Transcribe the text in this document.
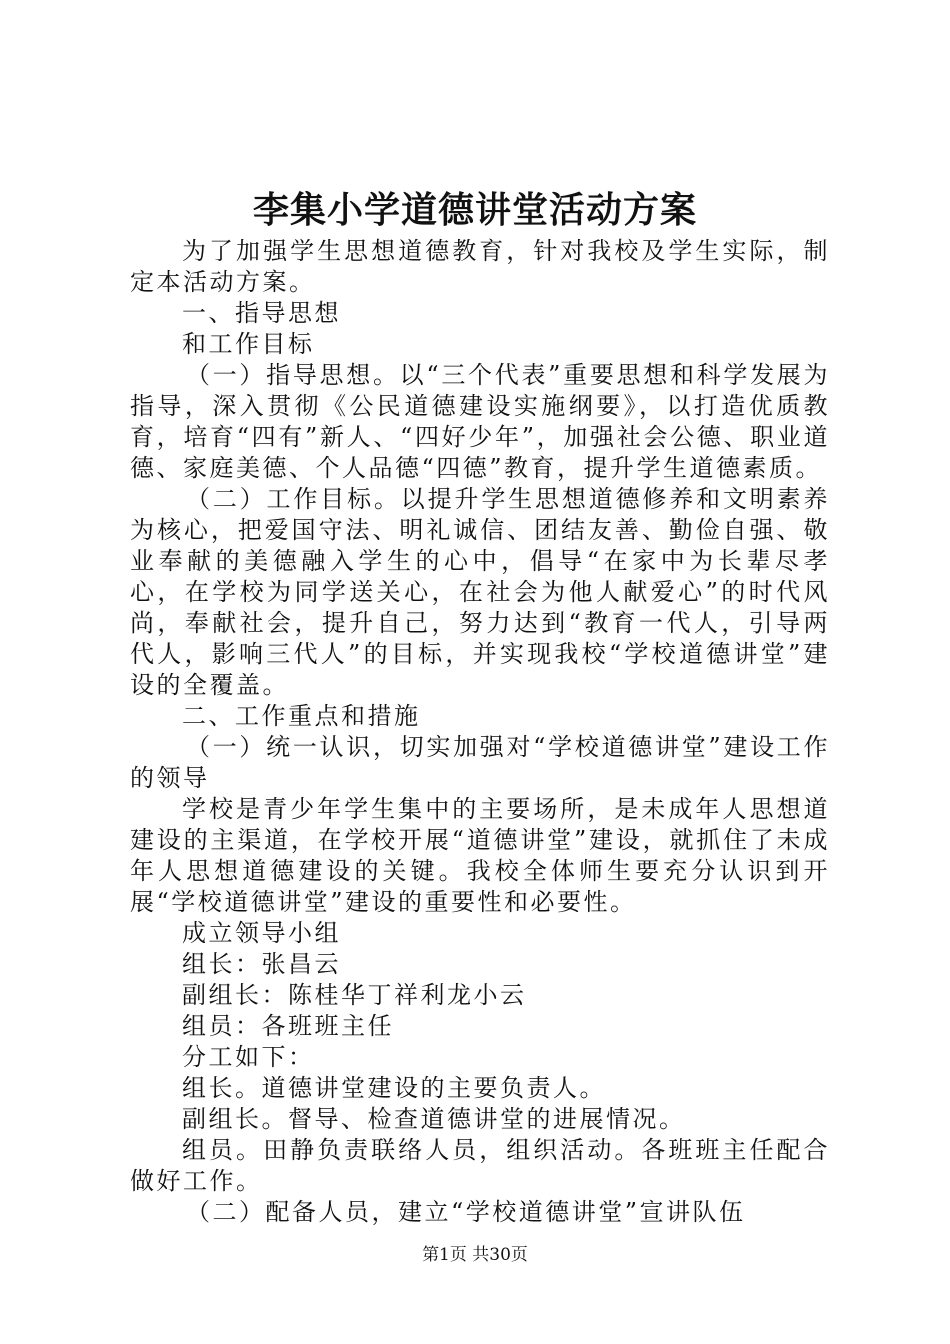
李集小学道德讲堂活动方案

为了加强学生思想道德教育，针对我校及学生实际，制定本活动方案。

一、指导思想

和工作目标

（一）指导思想。以“三个代表”重要思想和科学发展为指导，深入贯彻《公民道德建设实施纲要》，以打造优质教育，培育“四有”新人、“四好少年”，加强社会公德、职业道德、家庭美德、个人品德“四德”教育，提升学生道德素质。

（二）工作目标。以提升学生思想道德修养和文明素养为核心，把爱国守法、明礼诚信、团结友善、勤俭自强、敬业奉献的美德融入学生的心中，倡导“在家中为长辈尽孝心，在学校为同学送关心，在社会为他人献爱心”的时代风尚，奉献社会，提升自己，努力达到“教育一代人，引导两代人，影响三代人”的目标，并实现我校“学校道德讲堂”建设的全覆盖。

二、工作重点和措施

（一）统一认识，切实加强对“学校道德讲堂”建设工作的领导

学校是青少年学生集中的主要场所，是未成年人思想道建设的主渠道，在学校开展“道德讲堂”建设，就抓住了未成年人思想道德建设的关键。我校全体师生要充分认识到开展“学校道德讲堂”建设的重要性和必要性。

成立领导小组

组长：张昌云

副组长：陈桂华丁祥利龙小云

组员：各班班主任

分工如下：

组长。道德讲堂建设的主要负责人。

副组长。督导、检查道德讲堂的进展情况。

组员。田静负责联络人员，组织活动。各班班主任配合做好工作。

（二）配备人员，建立“学校道德讲堂”宣讲队伍

第1页 共30页
